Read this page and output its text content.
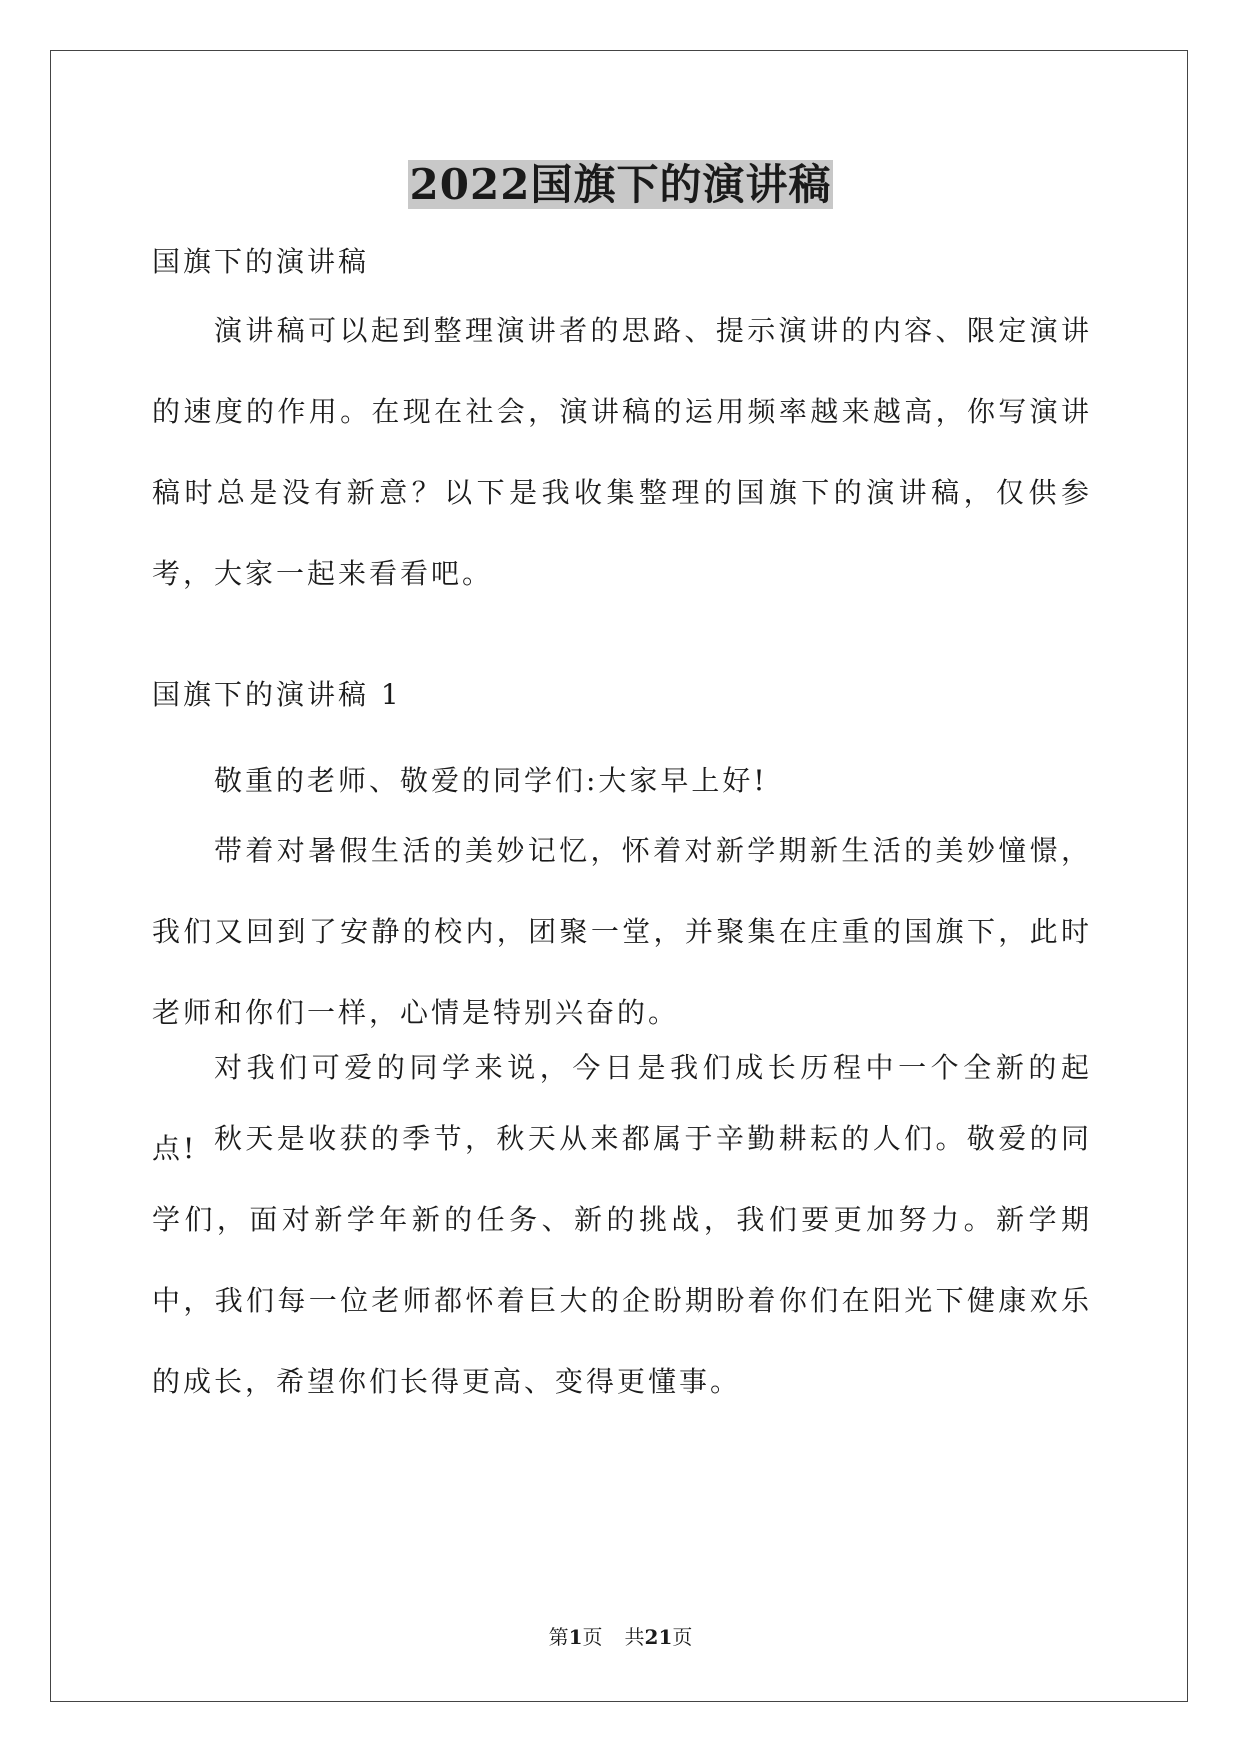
2022国旗下的演讲稿

国旗下的演讲稿

演讲稿可以起到整理演讲者的思路、提示演讲的内容、限定演讲的速度的作用。在现在社会，演讲稿的运用频率越来越高，你写演讲稿时总是没有新意？以下是我收集整理的国旗下的演讲稿，仅供参考，大家一起来看看吧。

国旗下的演讲稿 1

敬重的老师、敬爱的同学们:大家早上好!

带着对暑假生活的美妙记忆，怀着对新学期新生活的美妙憧憬，我们又回到了安静的校内，团聚一堂，并聚集在庄重的国旗下，此时老师和你们一样，心情是特别兴奋的。

对我们可爱的同学来说，今日是我们成长历程中一个全新的起点! 秋天是收获的季节，秋天从来都属于辛勤耕耘的人们。敬爱的同学们，面对新学年新的任务、新的挑战，我们要更加努力。新学期中，我们每一位老师都怀着巨大的企盼期盼着你们在阳光下健康欢乐的成长，希望你们长得更高、变得更懂事。

第1页 共21页
